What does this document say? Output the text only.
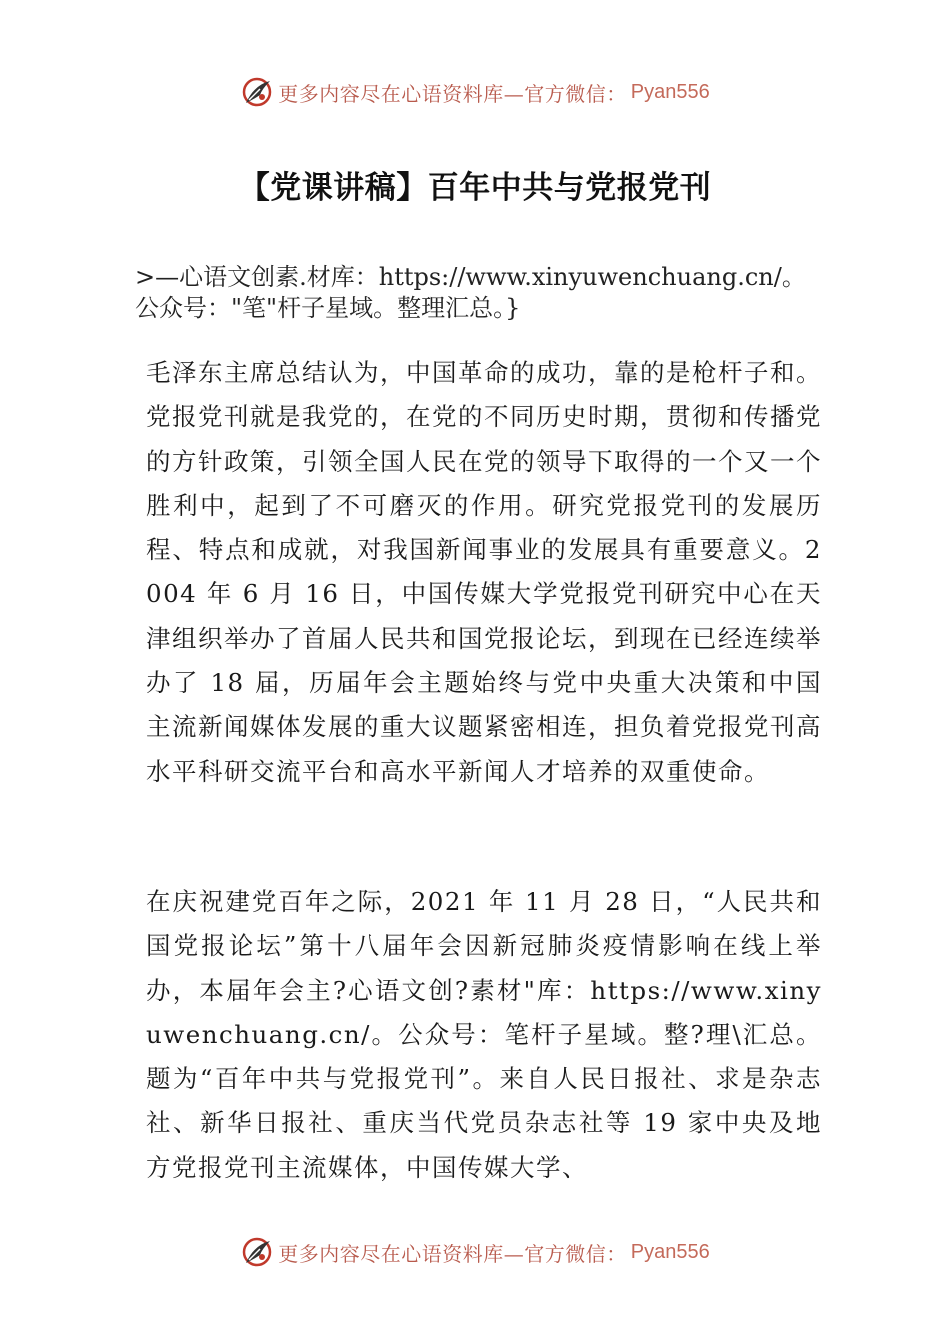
更多内容尽在心语资料库—官方微信： Pyan556
【党课讲稿】百年中共与党报党刊

>—心语文创素.材库：https://www.xinyuwenchuang.cn/。公众号："笔"杆子星域。整理汇总。}

毛泽东主席总结认为，中国革命的成功，靠的是枪杆子和。党报党刊就是我党的，在党的不同历史时期，贯彻和传播党的方针政策，引领全国人民在党的领导下取得的一个又一个胜利中，起到了不可磨灭的作用。研究党报党刊的发展历程、特点和成就，对我国新闻事业的发展具有重要意义。2004 年 6 月 16 日，中国传媒大学党报党刊研究中心在天津组织举办了首届人民共和国党报论坛，到现在已经连续举办了 18 届，历届年会主题始终与党中央重大决策和中国主流新闻媒体发展的重大议题紧密相连，担负着党报党刊高水平科研交流平台和高水平新闻人才培养的双重使命。

在庆祝建党百年之际，2021 年 11 月 28 日，“人民共和国党报论坛”第十八届年会因新冠肺炎疫情影响在线上举办，本届年会主?心语文创?素材"库：https://www.xinyuwenchuang.cn/。公众号：笔杆子星域。整?理\汇总。题为“百年中共与党报党刊”。来自人民日报社、求是杂志社、新华日报社、重庆当代党员杂志社等 19 家中央及地方党报党刊主流媒体，中国传媒大学、

更多内容尽在心语资料库—官方微信： Pyan556
